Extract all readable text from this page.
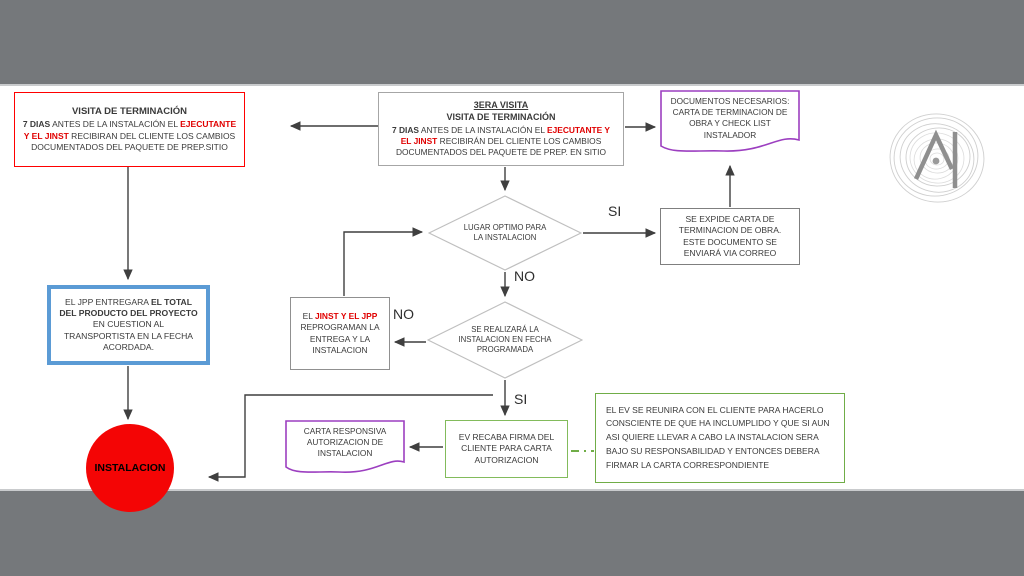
VISITA DE TERMINACIÓN
7 DIAS ANTES DE LA INSTALACIÓN EL EJECUTANTE Y EL JINST RECIBIRAN DEL CLIENTE LOS CAMBIOS DOCUMENTADOS DEL PAQUETE DE PREP.SITIO
3ERA VISITA
VISITA DE TERMINACIÓN
7 DIAS ANTES DE LA INSTALACIÓN EL EJECUTANTE Y EL JINST RECIBIRÁN DEL CLIENTE LOS CAMBIOS DOCUMENTADOS DEL PAQUETE DE PREP. EN SITIO
DOCUMENTOS NECESARIOS: CARTA DE TERMINACION DE OBRA Y CHECK LIST INSTALADOR
SE EXPIDE CARTA DE TERMINACION DE OBRA. ESTE DOCUMENTO SE ENVIARÁ VIA CORREO
LUGAR OPTIMO PARA LA INSTALACION
SE REALIZARÁ LA INSTALACION EN FECHA PROGRAMADA
EL JINST Y EL JPP REPROGRAMAN LA ENTREGA Y LA INSTALACION
EL JPP ENTREGARA EL TOTAL DEL PRODUCTO DEL PROYECTO EN CUESTION AL TRANSPORTISTA EN LA FECHA ACORDADA.
INSTALACION
CARTA RESPONSIVA AUTORIZACION DE INSTALACION
EV RECABA FIRMA DEL CLIENTE PARA CARTA AUTORIZACION
EL EV SE REUNIRA CON EL CLIENTE PARA HACERLO CONSCIENTE DE QUE HA INCLUMPLIDO Y QUE SI AUN ASI QUIERE LLEVAR A CABO LA INSTALACION SERA BAJO SU RESPONSABILIDAD Y ENTONCES DEBERA FIRMAR LA CARTA CORRESPONDIENTE
SI
NO
NO
SI
